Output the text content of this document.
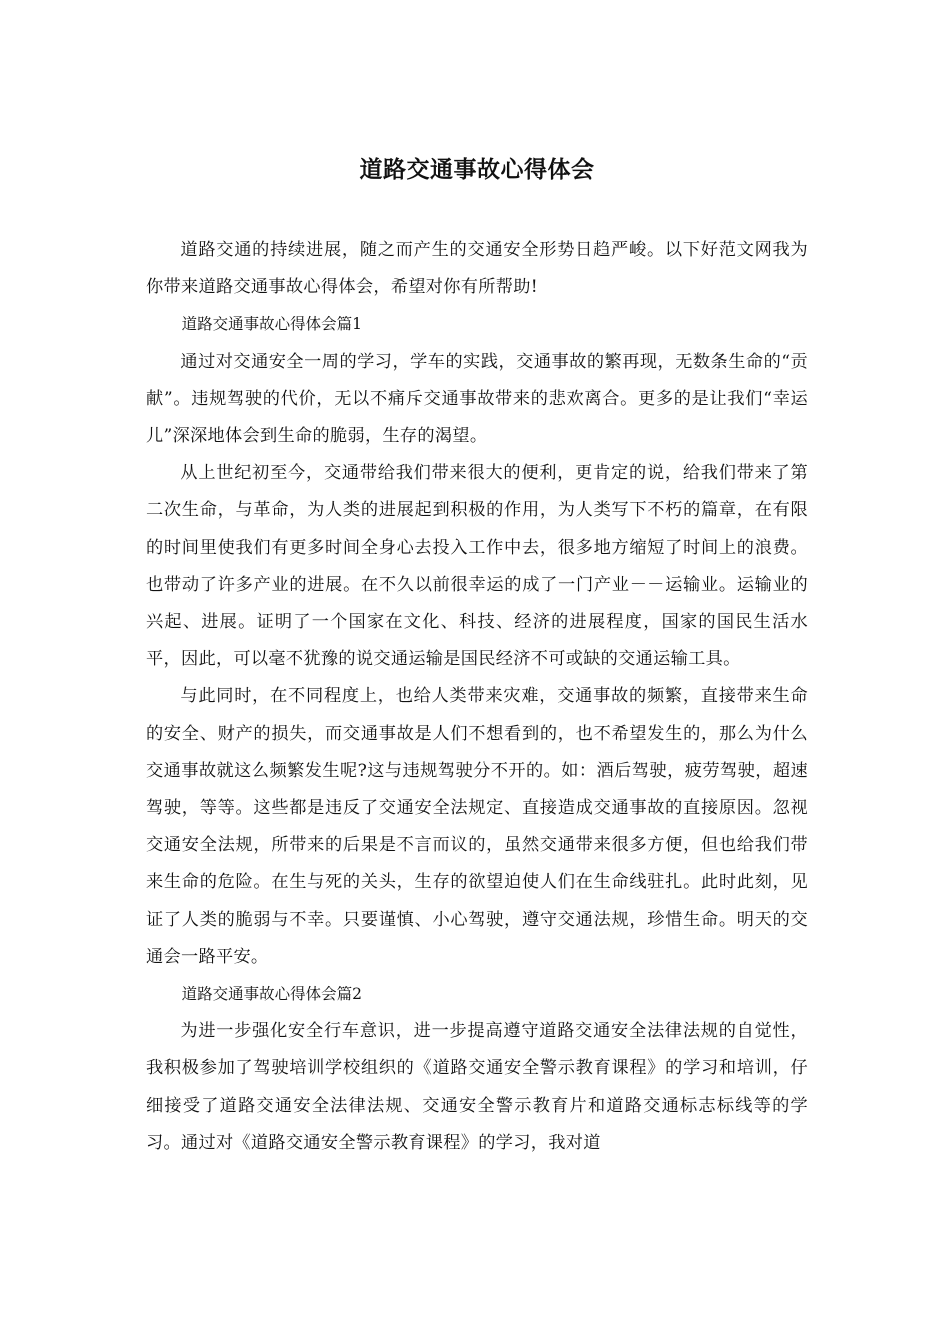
道路交通事故心得体会

道路交通的持续进展，随之而产生的交通安全形势日趋严峻。以下好范文网我为你带来道路交通事故心得体会，希望对你有所帮助!

道路交通事故心得体会篇1

通过对交通安全一周的学习，学车的实践，交通事故的繁再现，无数条生命的“贡献”。违规驾驶的代价，无以不痛斥交通事故带来的悲欢离合。更多的是让我们“幸运儿”深深地体会到生命的脆弱，生存的渴望。

从上世纪初至今，交通带给我们带来很大的便利，更肯定的说，给我们带来了第二次生命，与革命，为人类的进展起到积极的作用，为人类写下不朽的篇章，在有限的时间里使我们有更多时间全身心去投入工作中去，很多地方缩短了时间上的浪费。也带动了许多产业的进展。在不久以前很幸运的成了一门产业－－运输业。运输业的兴起、进展。证明了一个国家在文化、科技、经济的进展程度，国家的国民生活水平，因此，可以毫不犹豫的说交通运输是国民经济不可或缺的交通运输工具。

与此同时，在不同程度上，也给人类带来灾难，交通事故的频繁，直接带来生命的安全、财产的损失，而交通事故是人们不想看到的，也不希望发生的，那么为什么交通事故就这么频繁发生呢?这与违规驾驶分不开的。如：酒后驾驶，疲劳驾驶，超速驾驶，等等。这些都是违反了交通安全法规定、直接造成交通事故的直接原因。忽视交通安全法规，所带来的后果是不言而议的，虽然交通带来很多方便，但也给我们带来生命的危险。在生与死的关头，生存的欲望迫使人们在生命线驻扎。此时此刻，见证了人类的脆弱与不幸。只要谨慎、小心驾驶，遵守交通法规，珍惜生命。明天的交通会一路平安。

道路交通事故心得体会篇2

为进一步强化安全行车意识，进一步提高遵守道路交通安全法律法规的自觉性，我积极参加了驾驶培训学校组织的《道路交通安全警示教育课程》的学习和培训，仔细接受了道路交通安全法律法规、交通安全警示教育片和道路交通标志标线等的学习。通过对《道路交通安全警示教育课程》的学习，我对道
